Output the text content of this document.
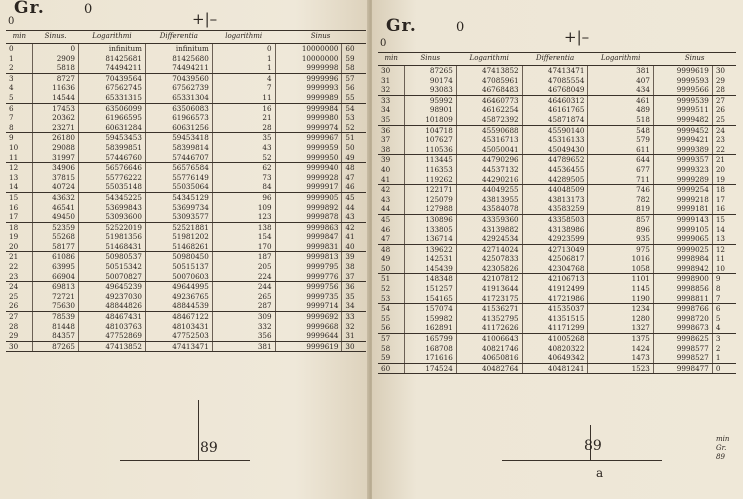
Gr.	0
+|–
0
min	Sinus.	Logarithmi	Differentia	logarithmi	Sinus	
0	0	infinitum	infinitum	0	10000000	60
1	2909	81425681	81425680	1	10000000	59
2	5818	74494211	74494211	1	9999998	58
3	8727	70439564	70439560	4	9999996	57
4	11636	67562745	67562739	7	9999993	56
5	14544	65331315	65331304	11	9999989	55
6	17453	63506099	63506083	16	9999984	54
7	20362	61966595	61966573	21	9999980	53
8	23271	60631284	60631256	28	9999974	52
9	26180	59453453	59453418	35	9999967	51
10	29088	58399851	58399814	43	9999959	50
11	31997	57446760	57446707	52	9999950	49
12	34906	56576646	56576584	62	9999940	48
13	37815	55776222	55776149	73	9999928	47
14	40724	55035148	55035064	84	9999917	46
15	43632	54345225	54345129	96	9999905	45
16	46541	53699843	53699734	109	9999892	44
17	49450	53093600	53093577	123	9999878	43
18	52359	52522019	52521881	138	9999863	42
19	55268	51981356	51981202	154	9999847	41
20	58177	51468431	51468261	170	9999831	40
21	61086	50980537	50980450	187	9999813	39
22	63995	50515342	50515137	205	9999795	38
23	66904	50070827	50070603	224	9999776	37
24	69813	49645239	49644995	244	9999756	36
25	72721	49237030	49236765	265	9999735	35
26	75630	48844826	48844539	287	9999714	34
27	78539	48467431	48467122	309	9999692	33
28	81448	48103763	48103431	332	9999668	32
29	84357	47752869	47752503	356	9999644	31
30	87265	47413852	47413471	381	9999619	30
89
Gr.	0
+|–
0
min	Sinus	Logarithmi	Differentia	Logarithmi	Sinus	
30	87265	47413852	47413471	381	9999619	30
31	90174	47085961	47085554	407	9999593	29
32	93083	46768483	46768049	434	9999566	28
33	95992	46460773	46460312	461	9999539	27
34	98901	46162254	46161765	489	9999511	26
35	101809	45872392	45871874	518	9999482	25
36	104718	45590688	45590140	548	9999452	24
37	107627	45316713	45316133	579	9999421	23
38	110536	45050041	45049430	611	9999389	22
39	113445	44790296	44789652	644	9999357	21
40	116353	44537132	44536455	677	9999323	20
41	119262	44290216	44289505	711	9999289	19
42	122171	44049255	44048509	746	9999254	18
43	125079	43813955	43813173	782	9999218	17
44	127988	43584078	43583259	819	9999181	16
45	130896	43359360	43358503	857	9999143	15
46	133805	43139882	43138986	896	9999105	14
47	136714	42924534	42923599	935	9999065	13
48	139622	42714024	42713049	975	9999025	12
49	142531	42507833	42506817	1016	9998984	11
50	145439	42305826	42304768	1058	9998942	10
51	148348	42107812	42106713	1101	9998900	9
52	151257	41913644	41912499	1145	9998856	8
53	154165	41723175	41721986	1190	9998811	7
54	157074	41536271	41535037	1234	9998766	6
55	159982	41352795	41351515	1280	9998720	5
56	162891	41172626	41171299	1327	9998673	4
57	165799	41006643	41005268	1375	9998625	3
58	168708	40821746	40820322	1424	9998577	2
59	171616	40650816	40649342	1473	9998527	1
60	174524	40482764	40481241	1523	9998477	0
min
Gr.
89
89
a
